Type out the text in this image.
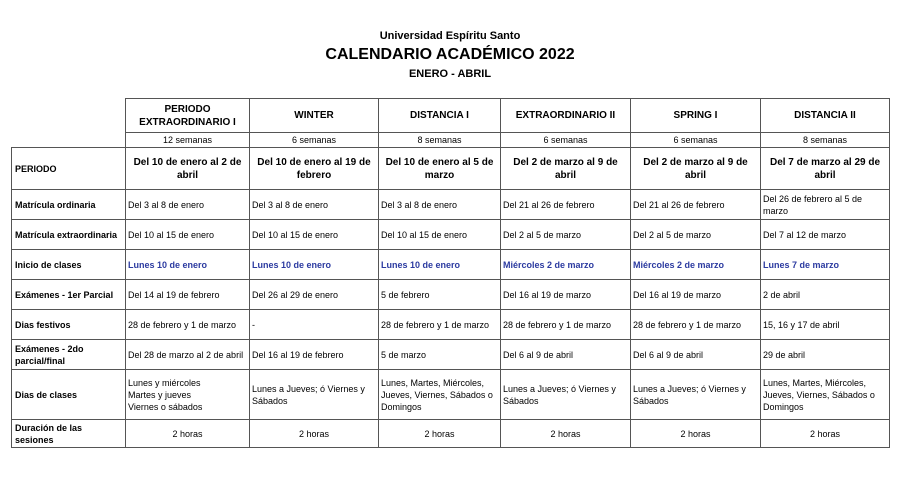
Universidad Espíritu Santo
CALENDARIO ACADÉMICO 2022
ENERO - ABRIL
	PERIODO EXTRAORDINARIO I	WINTER	DISTANCIA I	EXTRAORDINARIO II	SPRING I	DISTANCIA II
	12 semanas	6 semanas	8 semanas	6 semanas	6 semanas	8 semanas
PERIODO	Del 10 de enero al 2 de abril	Del 10 de enero al 19 de febrero	Del 10 de enero al 5 de marzo	Del 2 de marzo al 9 de abril	Del 2 de marzo al 9 de abril	Del 7 de marzo al 29 de abril
Matrícula ordinaria	Del 3 al 8 de enero	Del 3 al 8 de enero	Del 3 al 8 de enero	Del 21 al 26 de febrero	Del 21 al 26 de febrero	Del 26 de febrero al 5 de marzo
Matrícula extraordinaria	Del 10 al 15 de enero	Del 10 al 15 de enero	Del 10 al 15 de enero	Del 2 al 5 de marzo	Del 2 al 5 de marzo	Del 7 al 12 de marzo
Inicio de clases	Lunes 10 de enero	Lunes 10 de enero	Lunes 10 de enero	Miércoles 2 de marzo	Miércoles 2 de marzo	Lunes 7 de marzo
Exámenes - 1er Parcial	Del 14 al 19 de febrero	Del 26 al 29 de enero	5 de febrero	Del 16 al 19 de marzo	Del 16 al 19 de marzo	2 de abril
Dias festivos	28 de febrero y 1 de marzo	-	28 de febrero y 1 de marzo	28 de febrero y 1 de marzo	28 de febrero y 1 de marzo	15, 16 y 17 de abril
Exámenes - 2do parcial/final	Del 28 de marzo al 2 de abril	Del 16 al 19 de febrero	5 de marzo	Del 6 al 9 de abril	Del 6 al 9 de abril	29 de abril
Dias de clases	Lunes y miércoles
Martes y jueves
Viernes o sábados	Lunes a Jueves; ó Viernes y Sábados	Lunes, Martes, Miércoles, Jueves, Viernes, Sábados o Domingos	Lunes a Jueves; ó Viernes y Sábados	Lunes a Jueves; ó Viernes y Sábados	Lunes, Martes, Miércoles, Jueves, Viernes, Sábados o Domingos
Duración de las sesiones	2 horas	2 horas	2 horas	2 horas	2 horas	2 horas
